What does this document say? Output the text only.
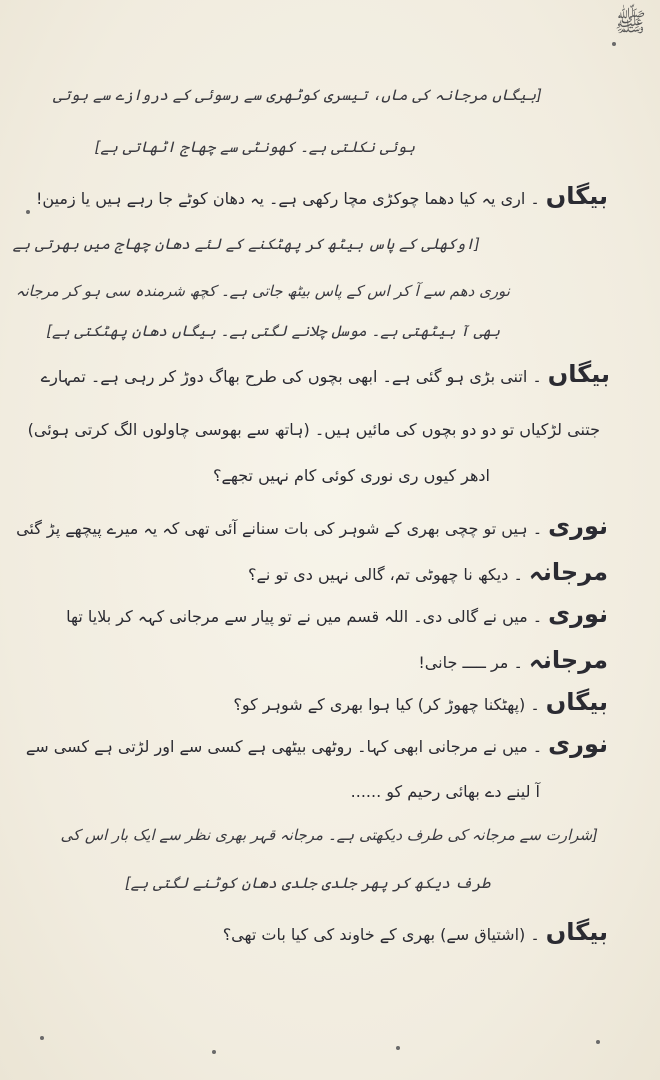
ﷺ
[بیگاں مرجانہ کی ماں، تیسری کوٹھری سے رسوئی کے دروازے سے ہوتی
ہوئی نکلتی ہے۔ کھونٹی سے چھاج اٹھاتی ہے]
بیگاں۔ اری یہ کیا دھما چوکڑی مچا رکھی ہے۔ یہ دھان کوٹے جا رہے ہیں یا زمین!
[اوکھلی کے پاس بیٹھ کر پھٹکنے کے لئے دھان چھاج میں بھرتی ہے
نوری دھم سے آ کر اس کے پاس بیٹھ جاتی ہے۔ کچھ شرمندہ سی ہو کر مرجانہ
بھی آ بیٹھتی ہے۔ موسل چلانے لگتی ہے۔ بیگاں دھان پھٹکتی ہے]
بیگاں۔ اتنی بڑی ہو گئی ہے۔ ابھی بچوں کی طرح بھاگ دوڑ کر رہی ہے۔ تمہارے
جتنی لڑکیاں تو دو دو بچوں کی مائیں ہیں۔ (ہاتھ سے بھوسی چاولوں الگ کرتی ہوئی)
ادھر کیوں ری نوری کوئی کام نہیں تجھے؟
نوری۔ ہیں تو چچی بھری کے شوہر کی بات سنانے آئی تھی کہ یہ میرے پیچھے پڑ گئی
مرجانہ۔ دیکھ نا چھوٹی تم، گالی نہیں دی تو نے؟
نوری۔ میں نے گالی دی۔ اللہ قسم میں نے تو پیار سے مرجانی کہہ کر بلایا تھا
مرجانہ۔ مر ـــــ جانی!
بیگاں۔ (پھٹکنا چھوڑ کر) کیا ہوا بھری کے شوہر کو؟
نوری۔ میں نے مرجانی ابھی کہا۔ روٹھی بیٹھی ہے کسی سے اور لڑتی ہے کسی سے
آ لینے دے بھائی رحیم کو ......
[شرارت سے مرجانہ کی طرف دیکھتی ہے۔ مرجانہ قہر بھری نظر سے ایک بار اس کی
طرف دیکھ کر پھر جلدی جلدی دھان کوٹنے لگتی ہے]
بیگاں۔ (اشتیاق سے) بھری کے خاوند کی کیا بات تھی؟
